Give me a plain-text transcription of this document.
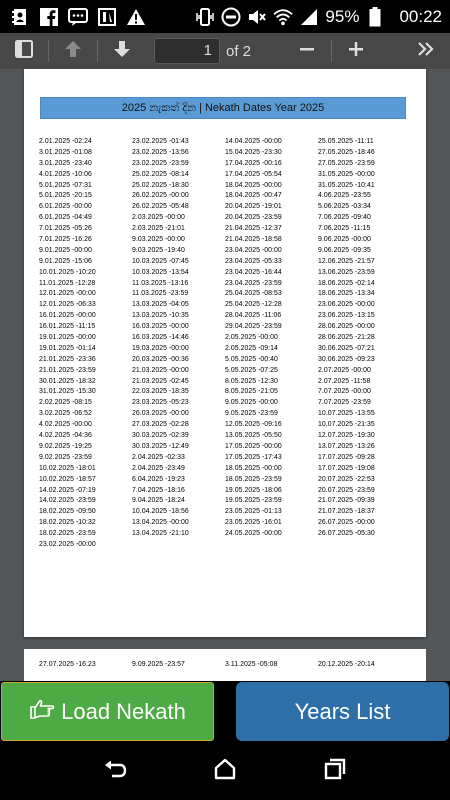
95% 00:22
1 of 2
2025 නැකත් දින | Nekath Dates Year 2025
2.01.2025 -02:24
3.01.2025 -01:08
3.01.2025 -23:40
4.01.2025 -10:06
5.01.2025 -07:31
5.01.2025 -20:15
6.01.2025 -00:00
6.01.2025 -04:49
7.01.2025 -05:26
7.01.2025 -16:26
9.01.2025 -00:00
9.01.2025 -15:06
10.01.2025 -10:20
11.01.2025 -12:28
12.01.2025 -00:00
12.01.2025 -06:33
16.01.2025 -00:00
16.01.2025 -11:15
19.01.2025 -00:00
19.01.2025 -01:14
21.01.2025 -23:36
21.01.2025 -23:59
30.01.2025 -18:32
31.01.2025 -15:30
2.02.2025 -08:15
3.02.2025 -06:52
4.02.2025 -00:00
4.02.2025 -04:36
9.02.2025 -19:25
9.02.2025 -23:59
10.02.2025 -18:01
10.02.2025 -18:57
14.02.2025 -07:19
14.02.2025 -23:59
18.02.2025 -09:50
18.02.2025 -10:32
18.02.2025 -23:59
23.02.2025 -00:00
23.02.2025 -01:43
23.02.2025 -13:56
23.02.2025 -23:59
25.02.2025 -08:14
25.02.2025 -18:30
26.02.2025 -00:00
26.02.2025 -05:48
2.03.2025 -00:00
2.03.2025 -21:01
9.03.2025 -00:00
9.03.2025 -19:40
10.03.2025 -07:45
10.03.2025 -13:54
11.03.2025 -13:16
11.03.2025 -23:59
13.03.2025 -04:05
13.03.2025 -10:35
16.03.2025 -00:00
16.03.2025 -14:46
19.03.2025 -00:00
20.03.2025 -00:36
21.03.2025 -00:00
21.03.2025 -02:45
22.03.2025 -18:35
23.03.2025 -05:23
26.03.2025 -00:00
27.03.2025 -02:28
30.03.2025 -02:39
30.03.2025 -12:49
2.04.2025 -02:33
2.04.2025 -23:49
6.04.2025 -19:23
7.04.2025 -18:16
9.04.2025 -18:24
10.04.2025 -18:56
13.04.2025 -00:00
13.04.2025 -21:10
14.04.2025 -00:00
15.04.2025 -23:30
17.04.2025 -00:16
17.04.2025 -05:54
18.04.2025 -00:00
18.04.2025 -00:47
20.04.2025 -19:01
20.04.2025 -23:59
21.04.2025 -12:37
21.04.2025 -18:58
23.04.2025 -00:00
23.04.2025 -05:33
23.04.2025 -16:44
23.04.2025 -23:59
25.04.2025 -08:53
25.04.2025 -12:28
28.04.2025 -11:06
29.04.2025 -23:59
2.05.2025 -00:00
2.05.2025 -09:14
5.05.2025 -00:40
5.05.2025 -07:25
8.05.2025 -12:30
8.05.2025 -21:05
9.05.2025 -00:00
9.05.2025 -23:59
12.05.2025 -09:16
13.05.2025 -05:50
17.05.2025 -00:00
17.05.2025 -17:43
18.05.2025 -00:00
18.05.2025 -23:59
19.05.2025 -18:06
19.05.2025 -23:59
23.05.2025 -01:13
23.05.2025 -16:01
24.05.2025 -00:00
25.05.2025 -11:11
27.05.2025 -18:46
27.05.2025 -23:59
31.05.2025 -00:00
31.05.2025 -10:41
4.06.2025 -23:55
5.06.2025 -03:34
7.06.2025 -09:40
7.06.2025 -11:15
9.06.2025 -00:00
9.06.2025 -09:35
12.06.2025 -21:57
13.06.2025 -23:59
18.06.2025 -02:14
18.06.2025 -13:34
23.06.2025 -00:00
23.06.2025 -13:15
28.06.2025 -00:00
28.06.2025 -21:28
30.06.2025 -07:21
30.06.2025 -09:23
2.07.2025 -00:00
2.07.2025 -11:58
7.07.2025 -00:00
7.07.2025 -23:59
10.07.2025 -13:55
10.07.2025 -21:35
12.07.2025 -19:30
13.07.2025 -13:26
17.07.2025 -09:28
17.07.2025 -19:08
20.07.2025 -22:53
20.07.2025 -23:59
21.07.2025 -09:39
21.07.2025 -18:37
26.07.2025 -00:00
26.07.2025 -05:30
27.07.2025 -16:23	9.09.2025 -23:57	3.11.2025 -05:08	20.12.2025 -20:14
Load Nekath	Years List
